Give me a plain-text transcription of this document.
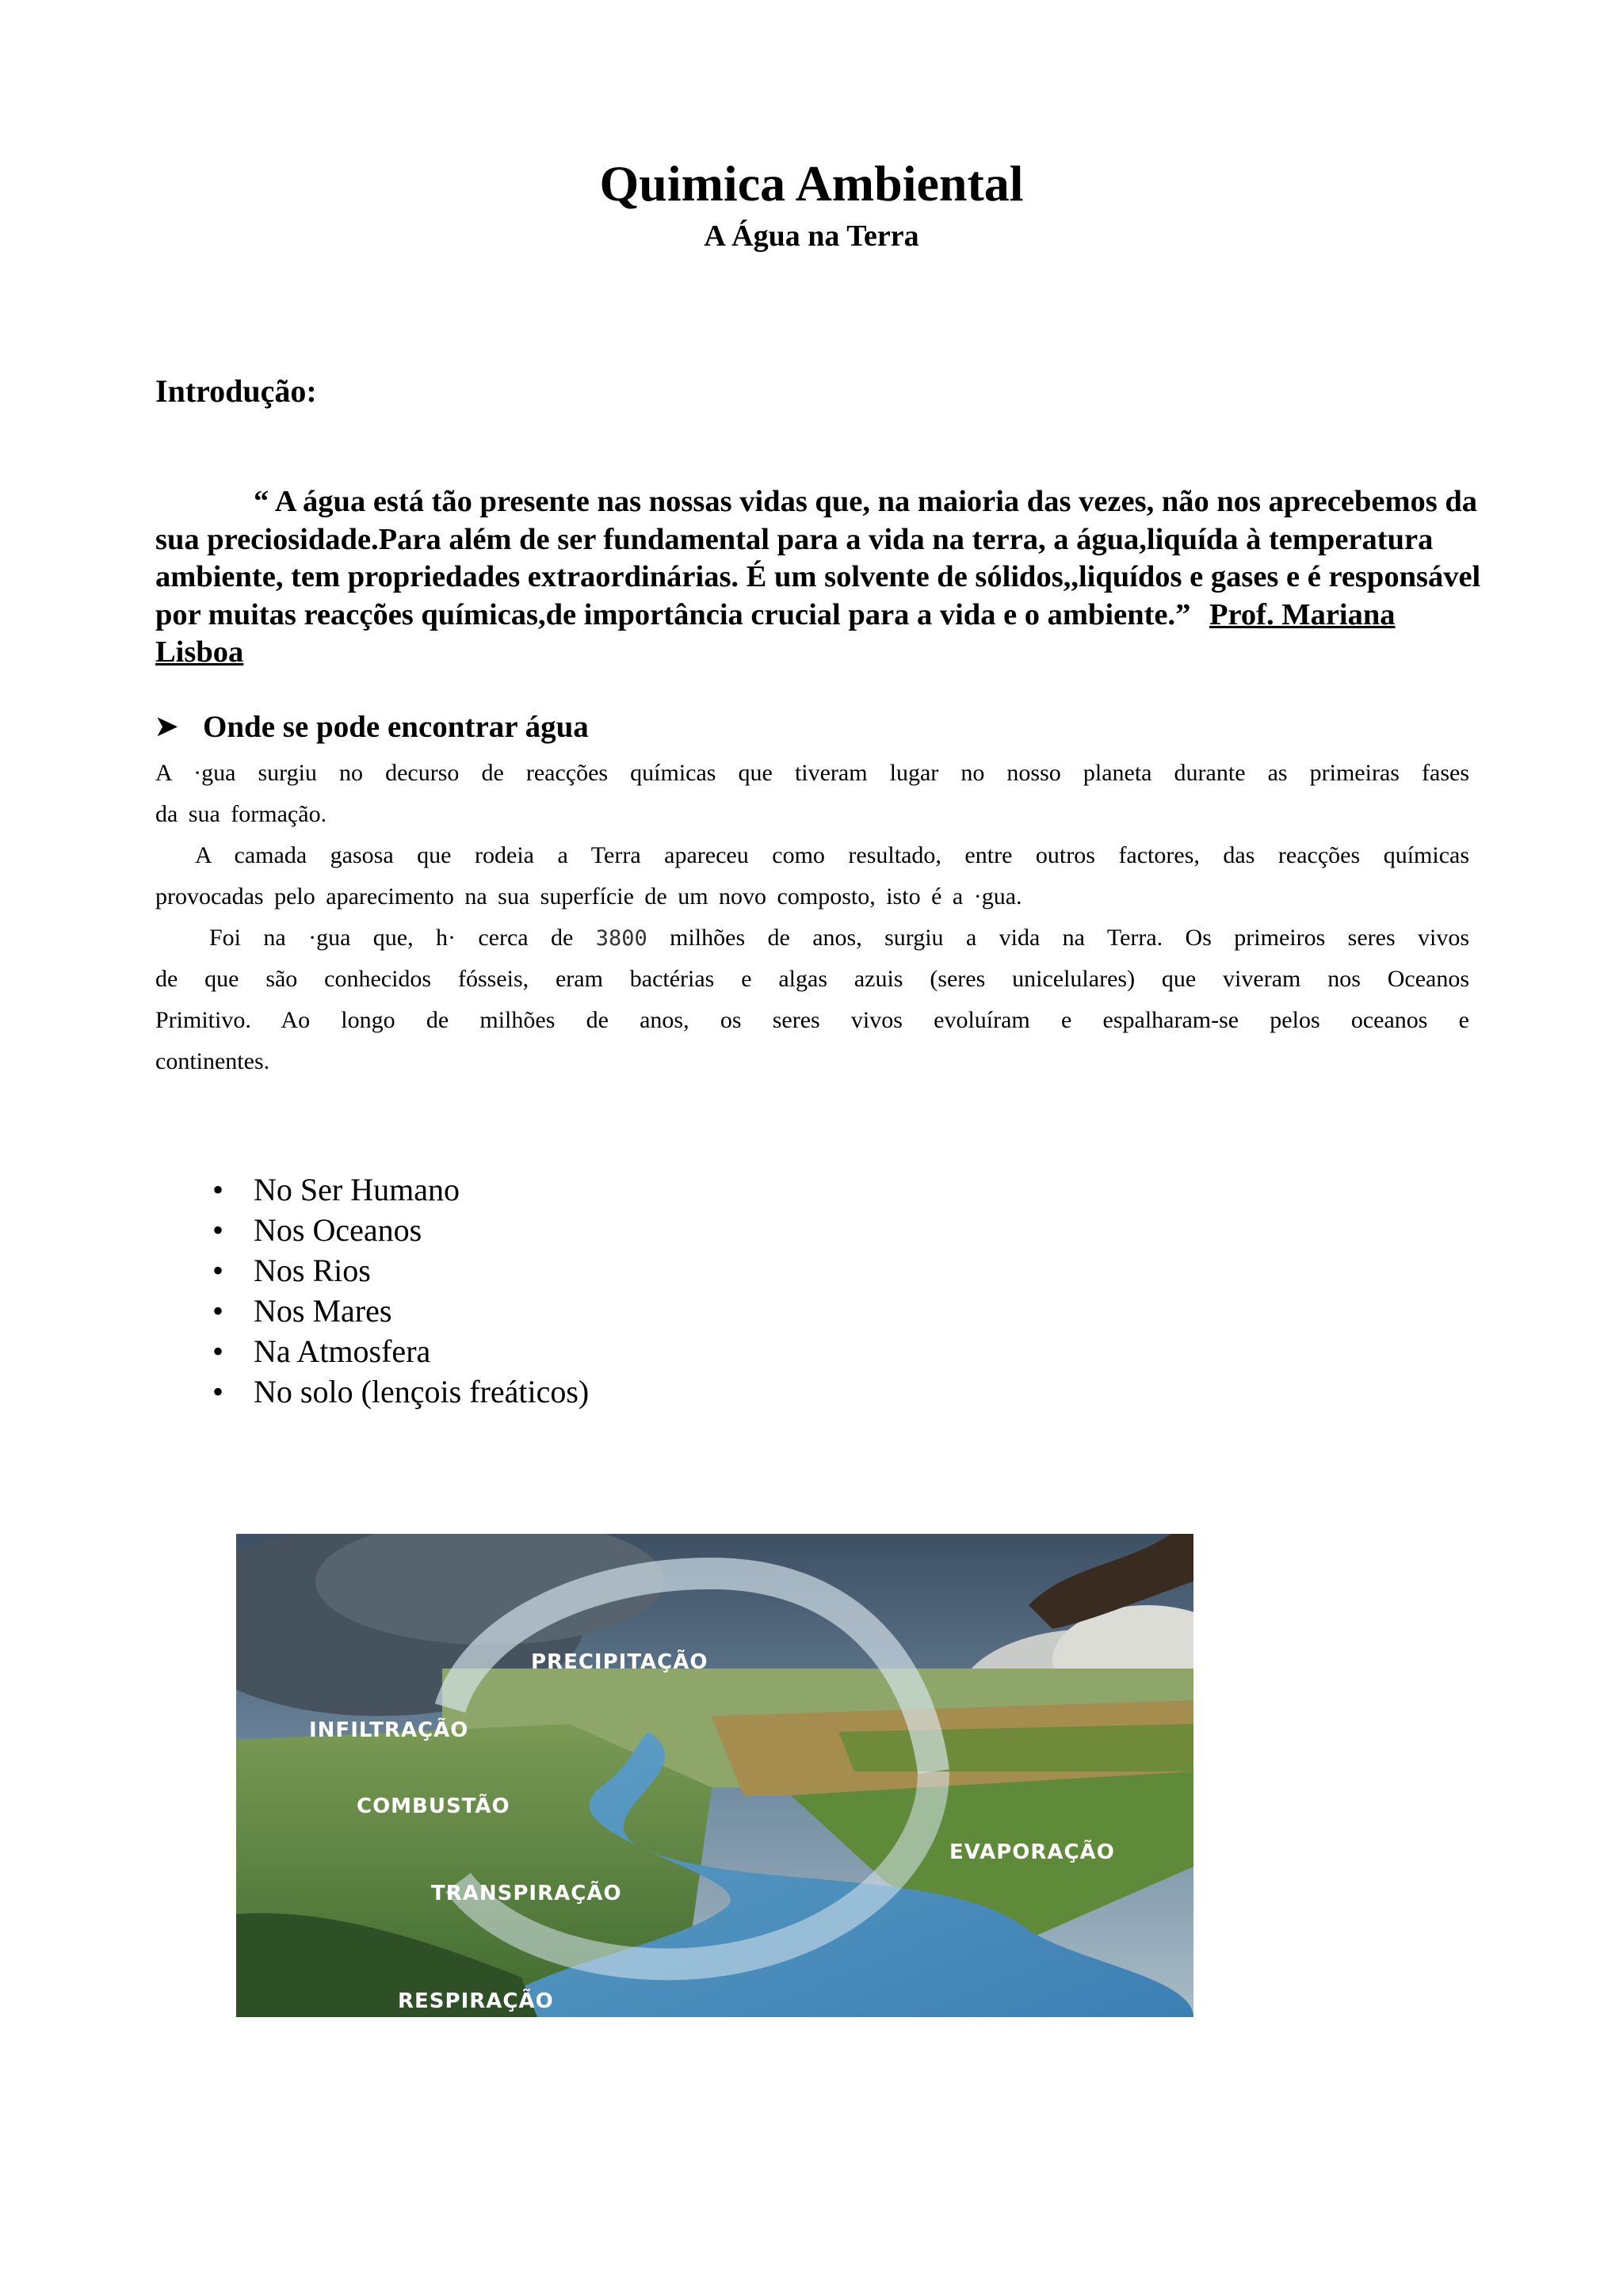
Quimica Ambiental
A Água na Terra
Introdução:
“ A água está tão presente nas nossas vidas que, na maioria das vezes, não nos aprecebemos da sua preciosidade.Para além de ser fundamental para a vida na terra, a água,liquída à temperatura ambiente, tem propriedades extraordinárias. É um solvente de sólidos,,liquídos e gases e é responsável por muitas reacções químicas,de importância crucial para a vida e o ambiente.” Prof. Mariana Lisboa
➤ Onde se pode encontrar água
A ·gua surgiu no decurso de reacções químicas que tiveram lugar no nosso planeta durante as primeiras fases
da sua formação.
A camada gasosa que rodeia a Terra apareceu como resultado, entre outros factores, das reacções químicas
provocadas pelo aparecimento na sua superfície de um novo composto, isto é a ·gua.
Foi na ·gua que, h· cerca de 3800 milhões de anos, surgiu a vida na Terra. Os primeiros seres vivos
de que são conhecidos fósseis, eram bactérias e algas azuis (seres unicelulares) que viveram nos Oceanos
Primitivo. Ao longo de milhões de anos, os seres vivos evoluíram e espalharam-se pelos oceanos e
continentes.
• No Ser Humano
• Nos Oceanos
• Nos Rios
• Nos Mares
• Na Atmosfera
• No solo (lençois freáticos)
PRECIPITAÇÃO
INFILTRAÇÃO
COMBUSTÃO
EVAPORAÇÃO
TRANSPIRAÇÃO
RESPIRAÇÃO
